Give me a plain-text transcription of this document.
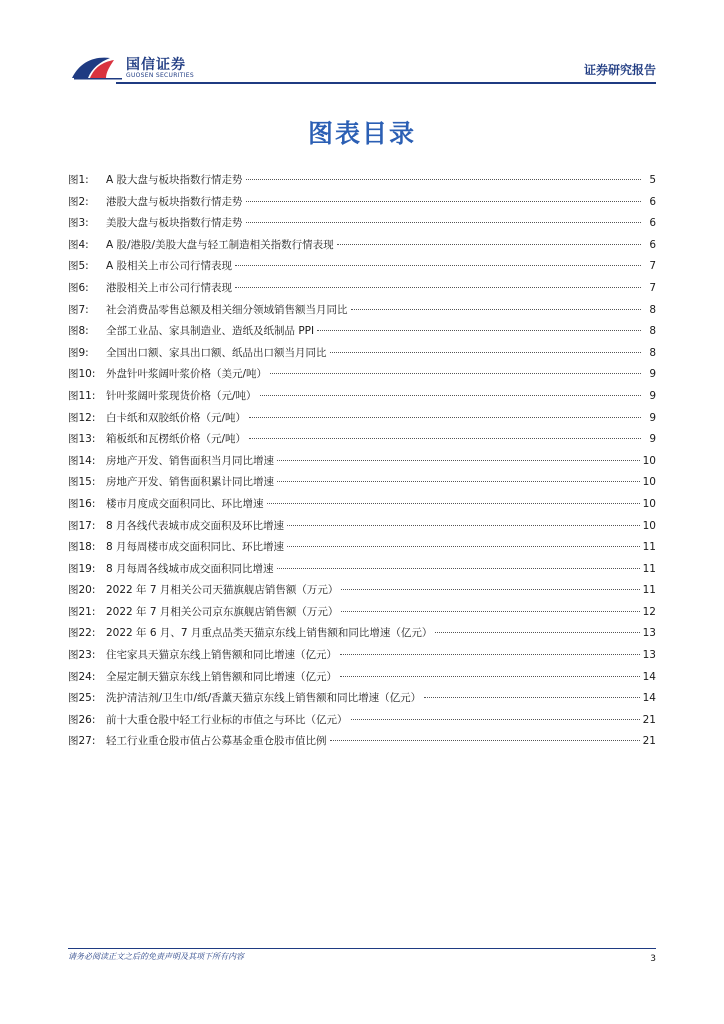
国信证券
GUOSEN SECURITIES	证券研究报告
图表目录
图1:	A 股大盘与板块指数行情走势	5
图2:	港股大盘与板块指数行情走势	6
图3:	美股大盘与板块指数行情走势	6
图4:	A 股/港股/美股大盘与轻工制造相关指数行情表现	6
图5:	A 股相关上市公司行情表现	7
图6:	港股相关上市公司行情表现	7
图7:	社会消费品零售总额及相关细分领域销售额当月同比	8
图8:	全部工业品、家具制造业、造纸及纸制品 PPI	8
图9:	全国出口额、家具出口额、纸品出口额当月同比	8
图10:	外盘针叶浆阔叶浆价格（美元/吨）	9
图11:	针叶浆阔叶浆现货价格（元/吨）	9
图12:	白卡纸和双胶纸价格（元/吨）	9
图13:	箱板纸和瓦楞纸价格（元/吨）	9
图14:	房地产开发、销售面积当月同比增速	10
图15:	房地产开发、销售面积累计同比增速	10
图16:	楼市月度成交面积同比、环比增速	10
图17:	8 月各线代表城市成交面积及环比增速	10
图18:	8 月每周楼市成交面积同比、环比增速	11
图19:	8 月每周各线城市成交面积同比增速	11
图20:	2022 年 7 月相关公司天猫旗舰店销售额（万元）	11
图21:	2022 年 7 月相关公司京东旗舰店销售额（万元）	12
图22:	2022 年 6 月、7 月重点品类天猫京东线上销售额和同比增速（亿元）	13
图23:	住宅家具天猫京东线上销售额和同比增速（亿元）	13
图24:	全屋定制天猫京东线上销售额和同比增速（亿元）	14
图25:	洗护清洁剂/卫生巾/纸/香薰天猫京东线上销售额和同比增速（亿元）	14
图26:	前十大重仓股中轻工行业标的市值之与环比（亿元）	21
图27:	轻工行业重仓股市值占公募基金重仓股市值比例	21
请务必阅读正文之后的免责声明及其项下所有内容	3
